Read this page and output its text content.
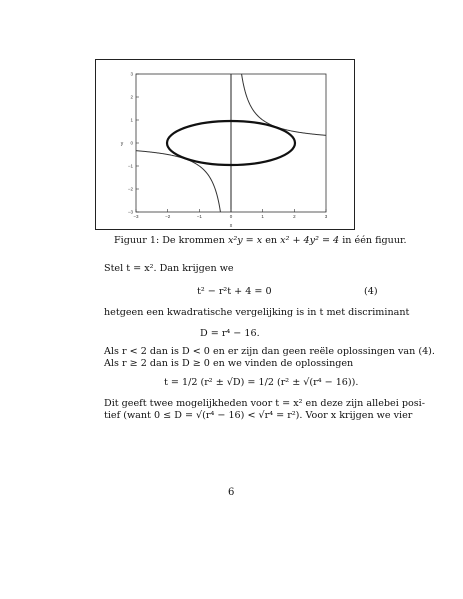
−3	−2	−1	0	1	2	3
−3
−2
−1
0
1
2
3
x
y
Figuur 1: De krommen x²y = x en x² + 4y² = 4 in één figuur.
Stel t = x². Dan krijgen we
t² − r²t + 4 = 0	(4)
hetgeen een kwadratische vergelijking is in t met discriminant
D = r⁴ − 16.
Als r < 2 dan is D < 0 en er zijn dan geen reële oplossingen van (4).
Als r ≥ 2 dan is D ≥ 0 en we vinden de oplossingen
t = 1/2 (r² ± √D) = 1/2 (r² ± √(r⁴ − 16)).
Dit geeft twee mogelijkheden voor t = x² en deze zijn allebei posi-
tief (want 0 ≤ D = √(r⁴ − 16) < √r⁴ = r²). Voor x krijgen we vier
6
